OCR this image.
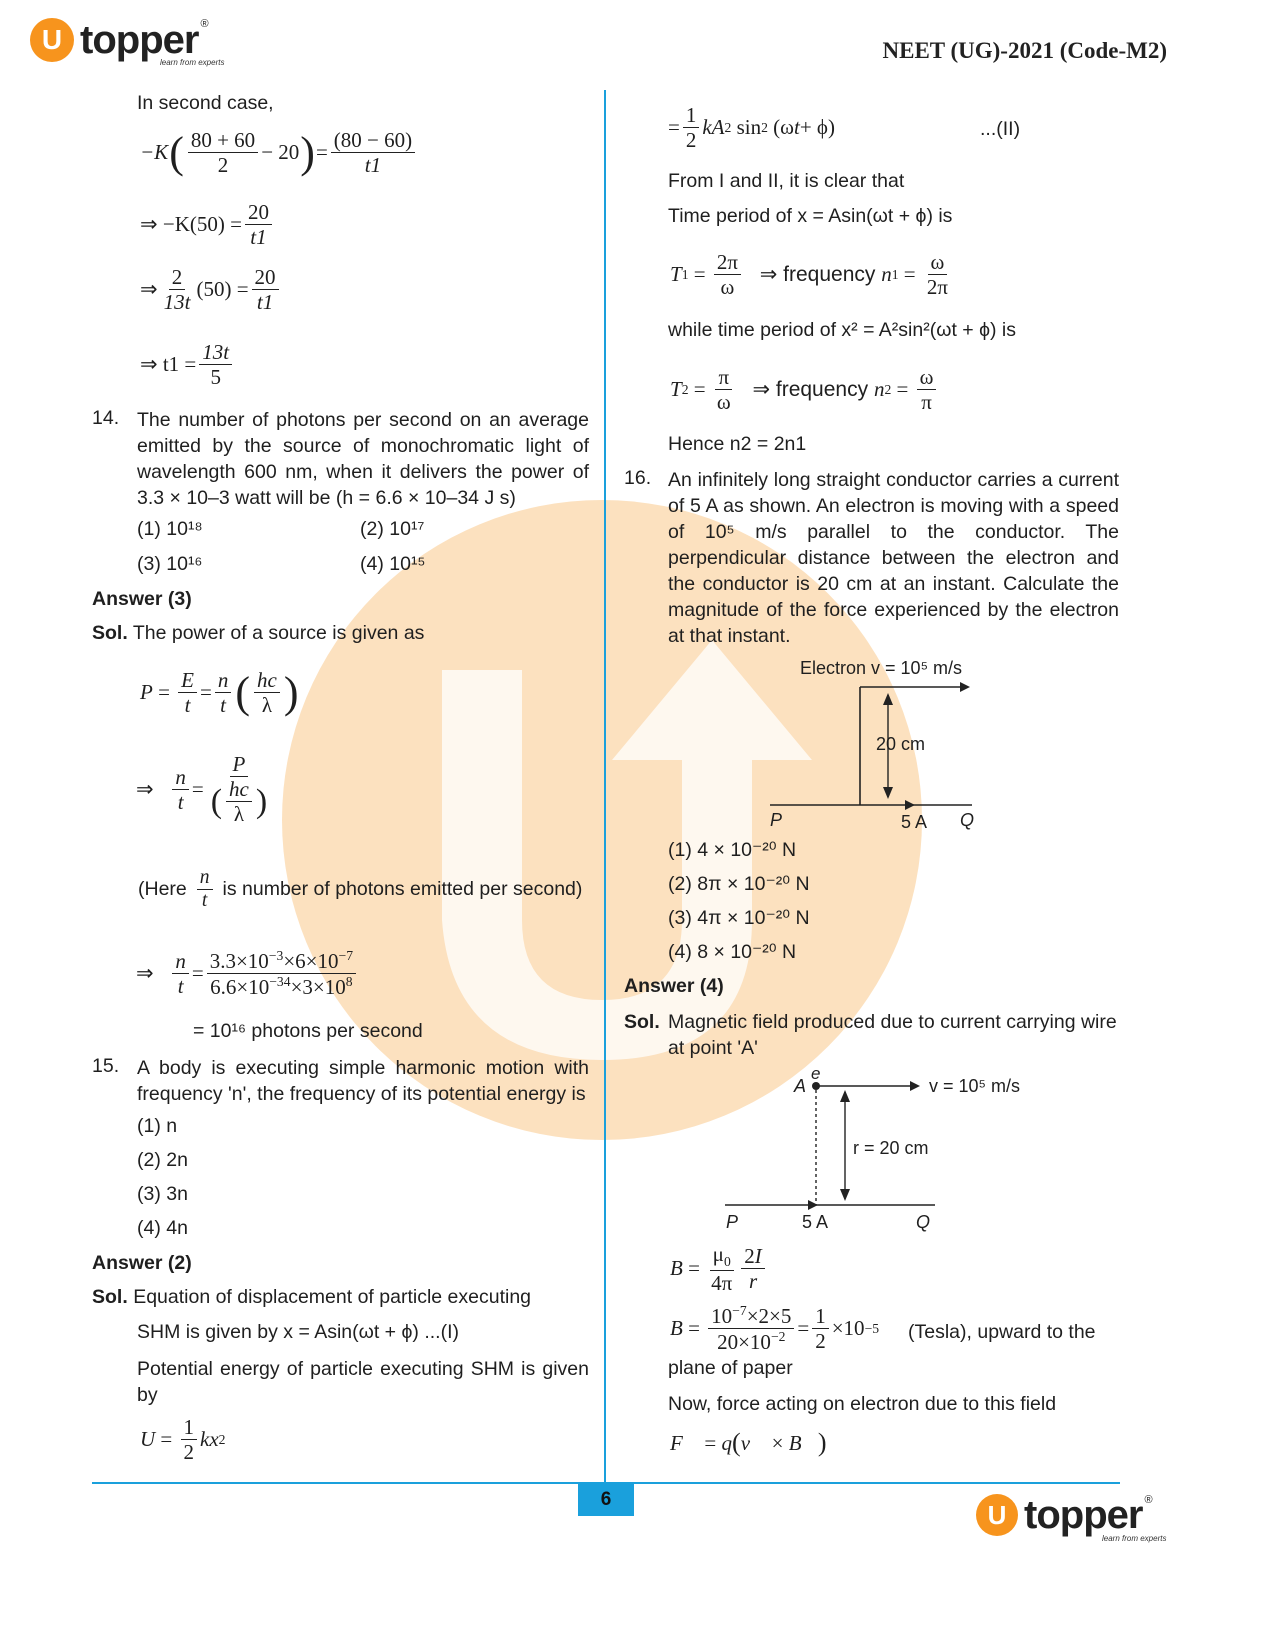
U topper ®
learn from experts	NEET (UG)-2021 (Code-M2)
In second case,
−K ( $\frac{80 + 60}{2} - 20$ ) = $\frac{(80 - 60)}{t1}$
⇒ $-K(50) = \frac{20}{t1}$
⇒ $\frac{2}{13t} (50) = \frac{20}{t1}$
⇒ $t1 = \frac{13t}{5}$
14. The number of photons per second on an average emitted by the source of monochromatic light of wavelength 600 nm, when it delivers the power of 3.3 × 10–3 watt will be (h = 6.6 × 10–34 J s)
(1) 10¹⁸	(2) 10¹⁷
(3) 10¹⁶	(4) 10¹⁵
Answer (3)
Sol. The power of a source is given as
$P = \frac{E}{t} = \frac{n}{t}$ ( $\frac{hc}{\lambda}$ )
⇒
$\frac{n}{t} = \frac{P}{( \frac{hc}{\lambda} )}$
(Here $\frac{n}{t}$ is number of photons emitted per second)
⇒
$\frac{n}{t} = \frac{3.3\times 10^{-3}\times 6\times 10^{-7}}{6.6\times 10^{-34}\times 3\times 10^8}$
= 10¹⁶ photons per second
15. A body is executing simple harmonic motion with frequency 'n', the frequency of its potential energy is
(1) n
(2) 2n
(3) 3n
(4) 4n
Answer (2)
Sol. Equation of displacement of particle executing
SHM is given by x = Asin(ωt + ϕ) ...(I)
Potential energy of particle executing SHM is given by
$U = \frac{1}{2}$ kx 2
= $\frac{1}{2}$ kA 2 sin 2 (ω t + ϕ)	...(II)
From I and II, it is clear that
Time period of x = Asin(ωt + ϕ) is
T $1 = \frac{2\pi}{\omega}$
⇒ frequency n $1 = \frac{\omega}{2\pi}$
while time period of x² = A²sin²(ωt + ϕ) is
T $2 = \frac{\pi}{\omega}$
⇒ frequency n $2 = \frac{\omega}{\pi}$
Hence n2 = 2n1
16. An infinitely long straight conductor carries a current of 5 A as shown. An electron is moving with a speed of 10⁵ m/s parallel to the conductor. The perpendicular distance between the electron and the conductor is 20 cm at an instant. Calculate the magnitude of the force experienced by the electron at that instant.
Electron v = 10⁵ m/s
20 cm
P	5 A Q
(1) 4 × 10⁻²⁰ N
(2) 8π × 10⁻²⁰ N
(3) 4π × 10⁻²⁰ N
(4) 8 × 10⁻²⁰ N
Answer (4)
Sol. Magnetic field produced due to current carrying wire at point 'A'
A
e
v = 10⁵ m/s
r = 20 cm
P	5 A	Q
$B = \frac{\mu_0}{4\pi} \frac{2I}{r}$
$B = \frac{10^{-7}\times 2\times 5}{20\times 10^{-2}} = \frac{1}{2} \times 10 -5$ (Tesla), upward to the
plane of paper
Now, force acting on electron due to this field
F⃗ = q ( v⃗ × B⃗ )
6	U topper ®
learn from experts
